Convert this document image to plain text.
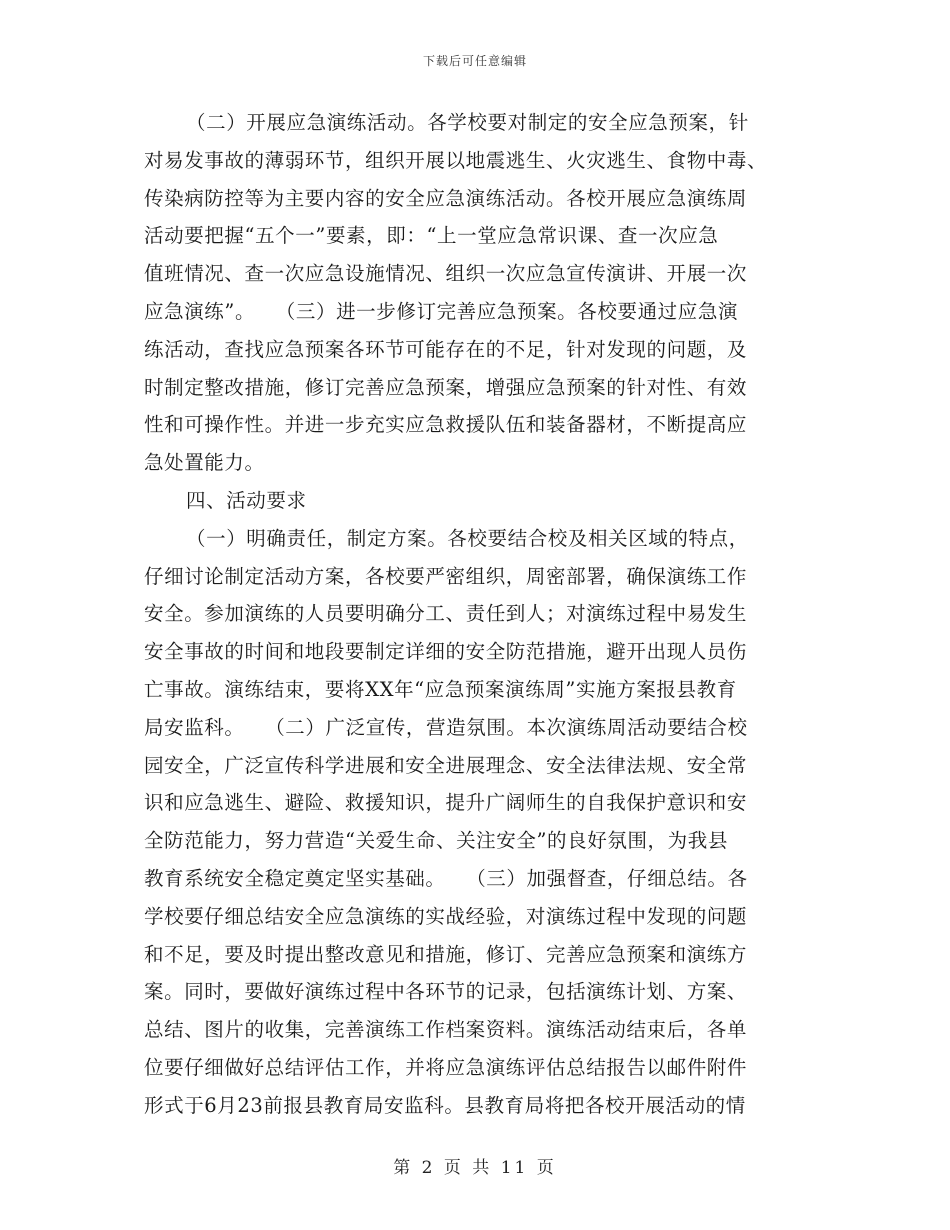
下载后可任意编辑

（二）开展应急演练活动。各学校要对制定的安全应急预案，针
对易发事故的薄弱环节，组织开展以地震逃生、火灾逃生、食物中毒、
传染病防控等为主要内容的安全应急演练活动。各校开展应急演练周
活动要把握“五个一”要素，即：“上一堂应急常识课、查一次应急
值班情况、查一次应急设施情况、组织一次应急宣传演讲、开展一次
应急演练”。　　（三）进一步修订完善应急预案。各校要通过应急演
练活动，查找应急预案各环节可能存在的不足，针对发现的问题，及
时制定整改措施，修订完善应急预案，增强应急预案的针对性、有效
性和可操作性。并进一步充实应急救援队伍和装备器材，不断提高应
急处置能力。
四、活动要求
（一）明确责任，制定方案。各校要结合校及相关区域的特点，
仔细讨论制定活动方案，各校要严密组织，周密部署，确保演练工作
安全。参加演练的人员要明确分工、责任到人；对演练过程中易发生
安全事故的时间和地段要制定详细的安全防范措施，避开出现人员伤
亡事故。演练结束，要将XX年“应急预案演练周”实施方案报县教育
局安监科。　　（二）广泛宣传，营造氛围。本次演练周活动要结合校
园安全，广泛宣传科学进展和安全进展理念、安全法律法规、安全常
识和应急逃生、避险、救援知识，提升广阔师生的自我保护意识和安
全防范能力，努力营造“关爱生命、关注安全”的良好氛围，为我县
教育系统安全稳定奠定坚实基础。　　（三）加强督查，仔细总结。各
学校要仔细总结安全应急演练的实战经验，对演练过程中发现的问题
和不足，要及时提出整改意见和措施，修订、完善应急预案和演练方
案。同时，要做好演练过程中各环节的记录，包括演练计划、方案、
总结、图片的收集，完善演练工作档案资料。演练活动结束后，各单
位要仔细做好总结评估工作，并将应急演练评估总结报告以邮件附件
形式于6月23前报县教育局安监科。县教育局将把各校开展活动的情

第 2 页 共 11 页
